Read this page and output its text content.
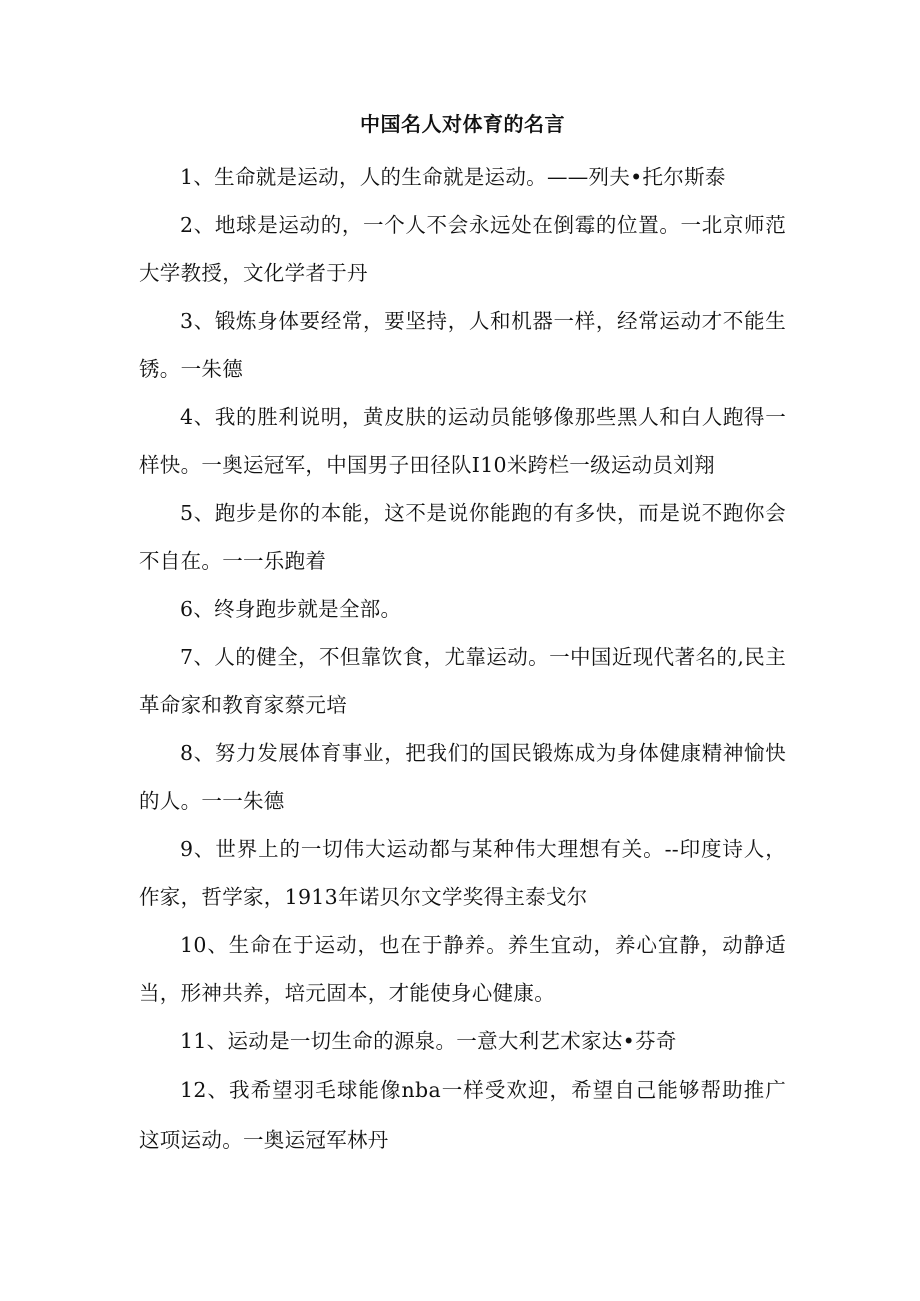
中国名人对体育的名言

1、生命就是运动，人的生命就是运动。——列夫•托尔斯泰

2、地球是运动的，一个人不会永远处在倒霉的位置。一北京师范大学教授，文化学者于丹

3、锻炼身体要经常，要坚持，人和机器一样，经常运动才不能生锈。一朱德

4、我的胜利说明，黄皮肤的运动员能够像那些黑人和白人跑得一样快。一奥运冠军，中国男子田径队I10米跨栏一级运动员刘翔

5、跑步是你的本能，这不是说你能跑的有多快，而是说不跑你会不自在。一一乐跑着

6、终身跑步就是全部。

7、人的健全，不但靠饮食，尤靠运动。一中国近现代著名的,民主革命家和教育家蔡元培

8、努力发展体育事业，把我们的国民锻炼成为身体健康精神愉快的人。一一朱德

9、世界上的一切伟大运动都与某种伟大理想有关。--印度诗人，作家，哲学家，1913年诺贝尔文学奖得主泰戈尔

10、生命在于运动，也在于静养。养生宜动，养心宜静，动静适当，形神共养，培元固本，才能使身心健康。

11、运动是一切生命的源泉。一意大利艺术家达•芬奇

12、我希望羽毛球能像nba一样受欢迎，希望自己能够帮助推广这项运动。一奥运冠军林丹
